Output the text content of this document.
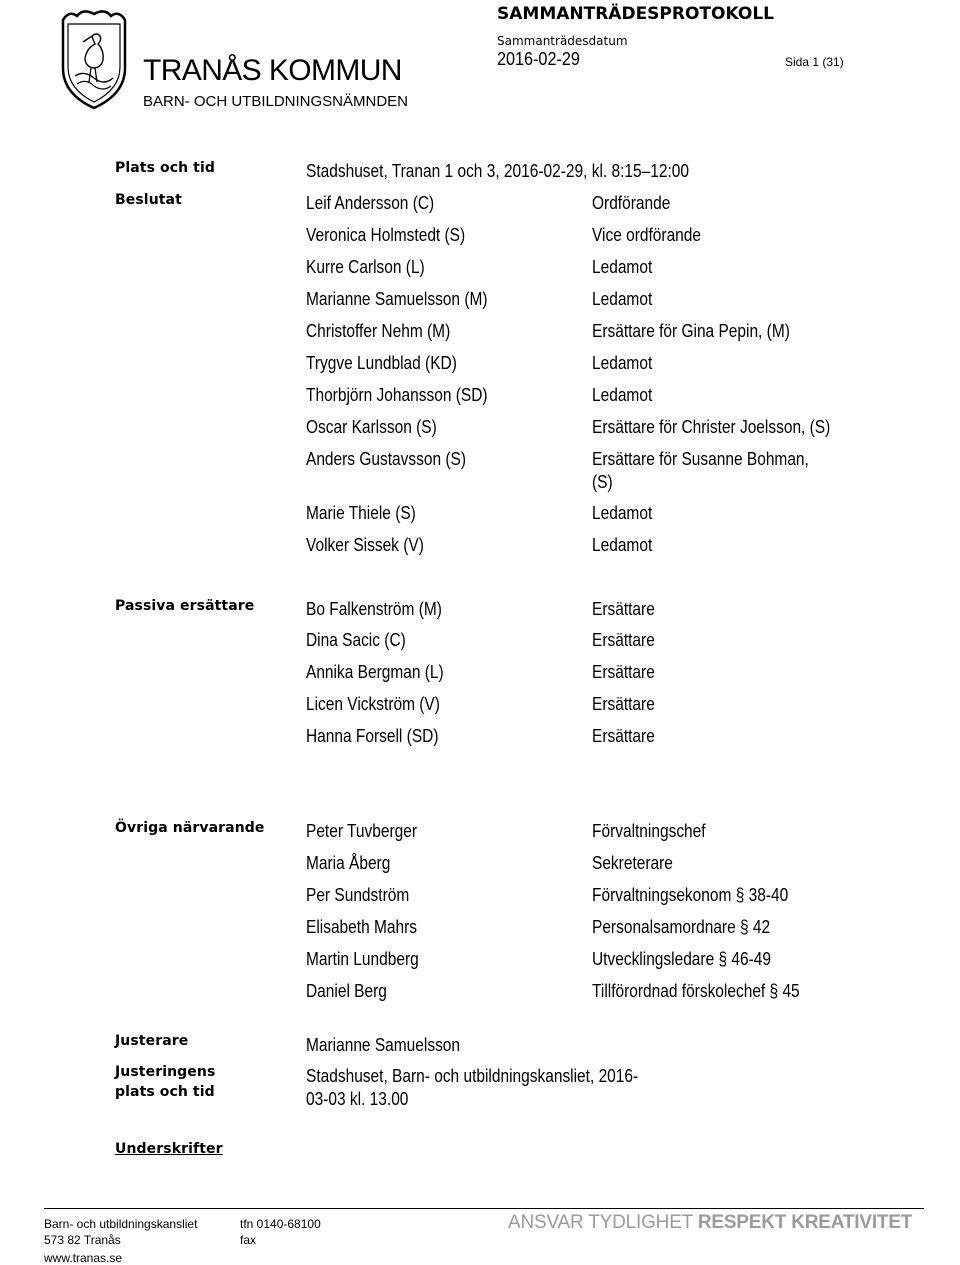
TRANÅS KOMMUN
BARN- OCH UTBILDNINGSNÄMNDEN
SAMMANTRÄDESPROTOKOLL
Sammanträdesdatum
2016-02-29	Sida 1 (31)
Plats och tid	Stadshuset, Tranan 1 och 3, 2016-02-29, kl. 8:15–12:00
Beslutat	Leif Andersson (C)	Ordförande
Veronica Holmstedt (S)	Vice ordförande
Kurre Carlson (L)	Ledamot
Marianne Samuelsson (M)	Ledamot
Christoffer Nehm (M)	Ersättare för Gina Pepin, (M)
Trygve Lundblad (KD)	Ledamot
Thorbjörn Johansson (SD)	Ledamot
Oscar Karlsson (S)	Ersättare för Christer Joelsson, (S)
Anders Gustavsson (S)	Ersättare för Susanne Bohman,
(S)
Marie Thiele (S)	Ledamot
Volker Sissek (V)	Ledamot
Passiva ersättare	Bo Falkenström (M)	Ersättare
Dina Sacic (C)	Ersättare
Annika Bergman (L)	Ersättare
Licen Vickström (V)	Ersättare
Hanna Forsell (SD)	Ersättare
Övriga närvarande Peter Tuvberger	Förvaltningschef
Maria Åberg	Sekreterare
Per Sundström	Förvaltningsekonom § 38-40
Elisabeth Mahrs	Personalsamordnare § 42
Martin Lundberg	Utvecklingsledare § 46-49
Daniel Berg	Tillförordnad förskolechef § 45
Justerare	Marianne Samuelsson
Justeringens
plats och tid
Stadshuset, Barn- och utbildningskansliet, 2016-
03-03 kl. 13.00
Underskrifter
Barn- och utbildningskansliet
573 82 Tranås
www.tranas.se
tfn 0140-68100
fax
ANSVAR TYDLIGHET RESPEKT KREATIVITET
